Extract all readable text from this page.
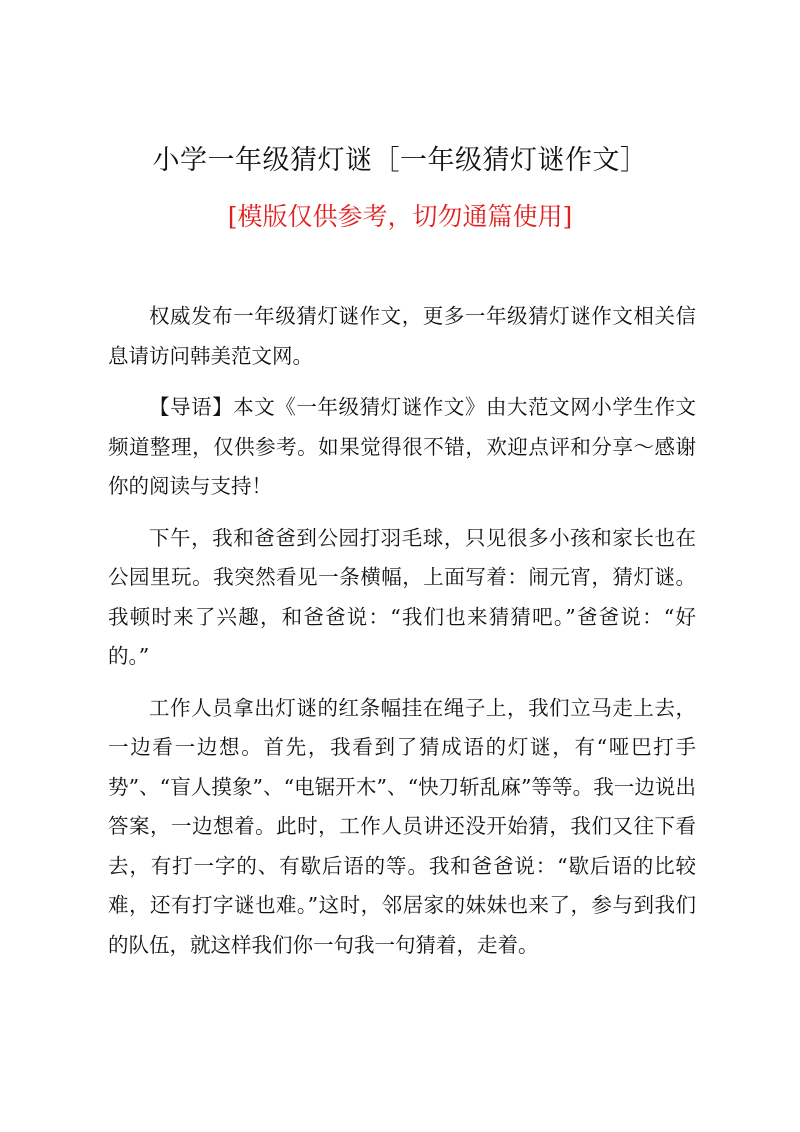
小学一年级猜灯谜［一年级猜灯谜作文］
[模版仅供参考，切勿通篇使用]

权威发布一年级猜灯谜作文，更多一年级猜灯谜作文相关信息请访问韩美范文网。

【导语】本文《一年级猜灯谜作文》由大范文网小学生作文频道整理，仅供参考。如果觉得很不错，欢迎点评和分享～感谢你的阅读与支持！

下午，我和爸爸到公园打羽毛球，只见很多小孩和家长也在公园里玩。我突然看见一条横幅，上面写着：闹元宵，猜灯谜。我顿时来了兴趣，和爸爸说：“我们也来猜猜吧。”爸爸说：“好的。”

工作人员拿出灯谜的红条幅挂在绳子上，我们立马走上去，一边看一边想。首先，我看到了猜成语的灯谜，有“哑巴打手势”、“盲人摸象”、“电锯开木”、“快刀斩乱麻”等等。我一边说出答案，一边想着。此时，工作人员讲还没开始猜，我们又往下看去，有打一字的、有歇后语的等。我和爸爸说：“歇后语的比较难，还有打字谜也难。”这时，邻居家的妹妹也来了，参与到我们的队伍，就这样我们你一句我一句猜着，走着。
